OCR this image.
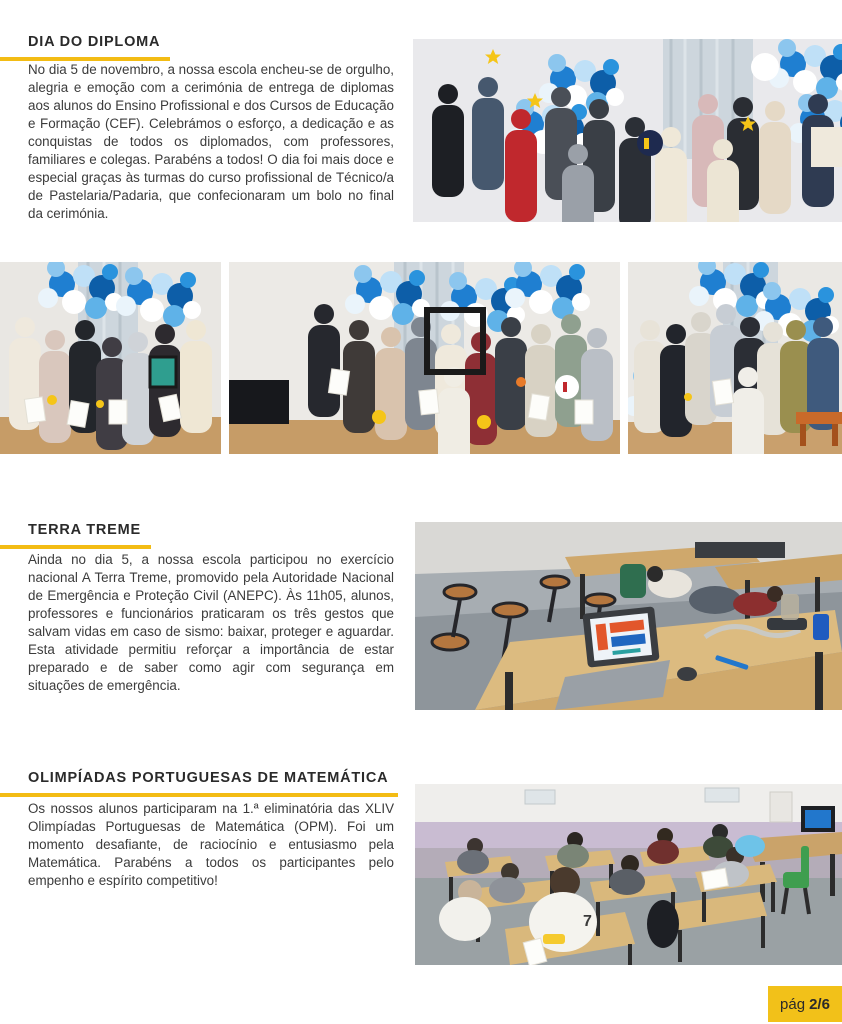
DIA DO DIPLOMA

No dia 5 de novembro, a nossa escola encheu-se de orgulho, alegria e emoção com a cerimónia de entrega de diplomas aos alunos do Ensino Profissional e dos Cursos de Educação e Formação (CEF). Celebrámos o esforço, a dedicação e as conquistas de todos os diplomados, com professores, familiares e colegas. Parabéns a todos! O dia foi mais doce e especial graças às turmas do curso profissional de Técnico/a de Pastelaria/Padaria, que confecionaram um bolo no final da cerimónia.

TERRA TREME

Ainda no dia 5, a nossa escola participou no exercício nacional A Terra Treme, promovido pela Autoridade Nacional de Emergência e Proteção Civil (ANEPC). Às 11h05, alunos, professores e funcionários praticaram os três gestos que salvam vidas em caso de sismo: baixar, proteger e aguardar. Esta atividade permitiu reforçar a importância de estar preparado e de saber como agir com segurança em situações de emergência.

OLIMPÍADAS PORTUGUESAS DE MATEMÁTICA

Os nossos alunos participaram na 1.ª eliminatória das XLIV Olimpíadas Portuguesas de Matemática (OPM). Foi um momento desafiante, de raciocínio e entusiasmo pela Matemática. Parabéns a todos os participantes pelo empenho e espírito competitivo!

7
pág 2/6
